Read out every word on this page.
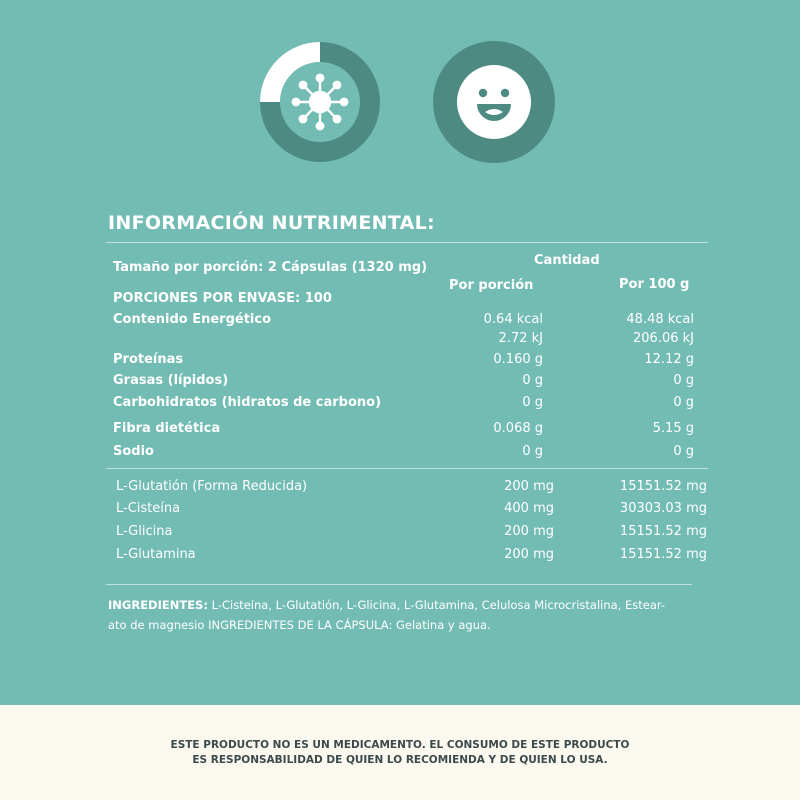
INFORMACIÓN NUTRIMENTAL:
Cantidad
Tamaño por porción: 2 Cápsulas (1320 mg)
Por porción	Por 100 g
PORCIONES POR ENVASE: 100
Contenido Energético	0.64 kcal	48.48 kcal
2.72 kJ	206.06 kJ
Proteínas	0.160 g	12.12 g
Grasas (lípidos)	0 g	0 g
Carbohidratos (hidratos de carbono)	0 g	0 g
Fibra dietética	0.068 g	5.15 g
Sodio	0 g	0 g
L-Glutatión (Forma Reducida)	200 mg	15151.52 mg
L-Cisteína	400 mg	30303.03 mg
L-Glicina	200 mg	15151.52 mg
L-Glutamina	200 mg	15151.52 mg

INGREDIENTES: L-Cisteína, L-Glutatión, L-Glicina, L-Glutamina, Celulosa Microcristalina, Estear-
ato de magnesio INGREDIENTES DE LA CÁPSULA: Gelatina y agua.

ESTE PRODUCTO NO ES UN MEDICAMENTO. EL CONSUMO DE ESTE PRODUCTO
ES RESPONSABILIDAD DE QUIEN LO RECOMIENDA Y DE QUIEN LO USA.
